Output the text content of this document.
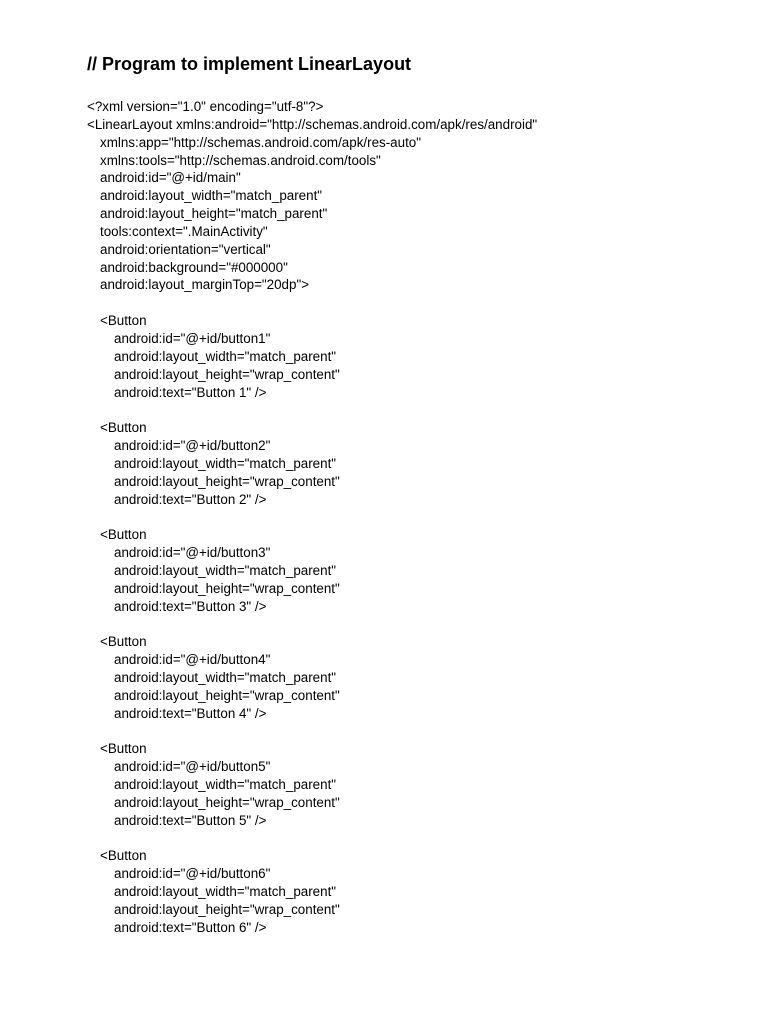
// Program to implement LinearLayout
<?xml version="1.0" encoding="utf-8"?>
<LinearLayout xmlns:android="http://schemas.android.com/apk/res/android"
xmlns:app="http://schemas.android.com/apk/res-auto"
xmlns:tools="http://schemas.android.com/tools"
android:id="@+id/main"
android:layout_width="match_parent"
android:layout_height="match_parent"
tools:context=".MainActivity"
android:orientation="vertical"
android:background="#000000"
android:layout_marginTop="20dp">
<Button
android:id="@+id/button1"
android:layout_width="match_parent"
android:layout_height="wrap_content"
android:text="Button 1" />
<Button
android:id="@+id/button2"
android:layout_width="match_parent"
android:layout_height="wrap_content"
android:text="Button 2" />
<Button
android:id="@+id/button3"
android:layout_width="match_parent"
android:layout_height="wrap_content"
android:text="Button 3" />
<Button
android:id="@+id/button4"
android:layout_width="match_parent"
android:layout_height="wrap_content"
android:text="Button 4" />
<Button
android:id="@+id/button5"
android:layout_width="match_parent"
android:layout_height="wrap_content"
android:text="Button 5" />
<Button
android:id="@+id/button6"
android:layout_width="match_parent"
android:layout_height="wrap_content"
android:text="Button 6" />
